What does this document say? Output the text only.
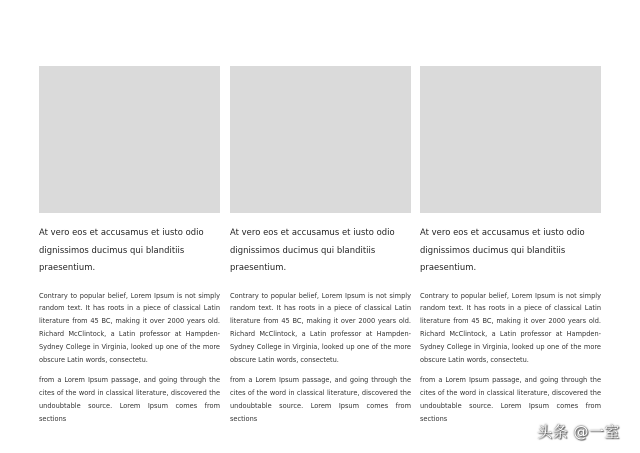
At vero eos et accusamus et iusto odio dignissimos ducimus qui blanditiis praesentium.
Contrary to popular belief, Lorem Ipsum is not simply random text. It has roots in a piece of classical Latin literature from 45 BC, making it over 2000 years old. Richard McClintock, a Latin professor at Hampden-Sydney College in Virginia, looked up one of the more obscure Latin words, consectetu.
from a Lorem Ipsum passage, and going through the cites of the word in classical literature, discovered the undoubtable source. Lorem Ipsum comes from sections
At vero eos et accusamus et iusto odio dignissimos ducimus qui blanditiis praesentium.
Contrary to popular belief, Lorem Ipsum is not simply random text. It has roots in a piece of classical Latin literature from 45 BC, making it over 2000 years old. Richard McClintock, a Latin professor at Hampden-Sydney College in Virginia, looked up one of the more obscure Latin words, consectetu.
from a Lorem Ipsum passage, and going through the cites of the word in classical literature, discovered the undoubtable source. Lorem Ipsum comes from sections
At vero eos et accusamus et iusto odio dignissimos ducimus qui blanditiis praesentium.
Contrary to popular belief, Lorem Ipsum is not simply random text. It has roots in a piece of classical Latin literature from 45 BC, making it over 2000 years old. Richard McClintock, a Latin professor at Hampden-Sydney College in Virginia, looked up one of the more obscure Latin words, consectetu.
from a Lorem Ipsum passage, and going through the cites of the word in classical literature, discovered the undoubtable source. Lorem Ipsum comes from sections
头条 @一室
